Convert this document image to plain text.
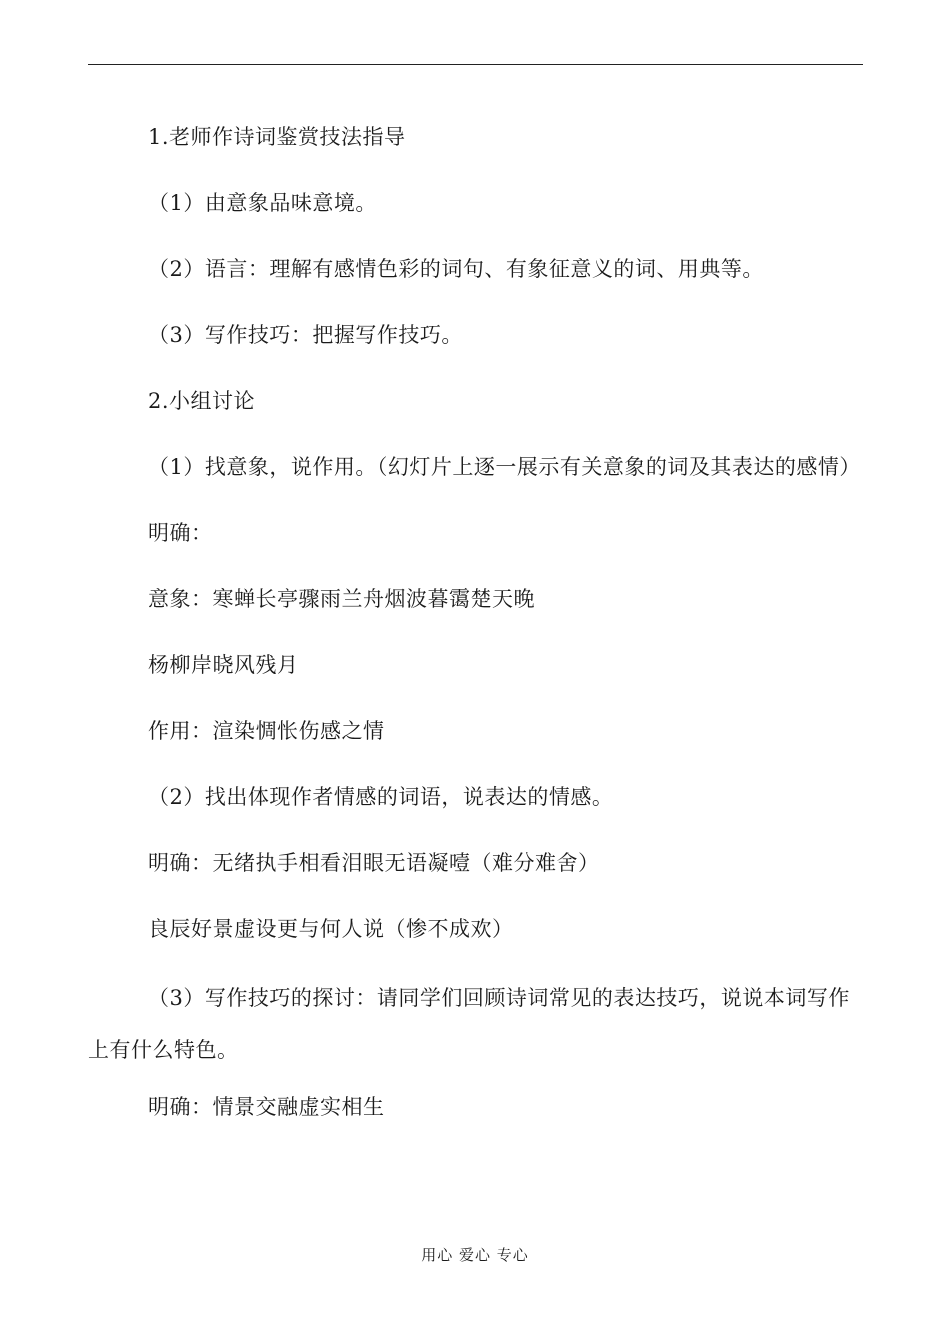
1.老师作诗词鉴赏技法指导
（1）由意象品味意境。
（2）语言：理解有感情色彩的词句、有象征意义的词、用典等。
（3）写作技巧：把握写作技巧。
2.小组讨论
（1）找意象，说作用。（幻灯片上逐一展示有关意象的词及其表达的感情）
明确：
意象：寒蝉长亭骤雨兰舟烟波暮霭楚天晚
杨柳岸晓风残月
作用：渲染惆怅伤感之情
（2）找出体现作者情感的词语，说表达的情感。
明确：无绪执手相看泪眼无语凝噎（难分难舍）
良辰好景虚设更与何人说（惨不成欢）
（3）写作技巧的探讨：请同学们回顾诗词常见的表达技巧，说说本词写作上有什么特色。
明确：情景交融虚实相生
用心 爱心 专心
